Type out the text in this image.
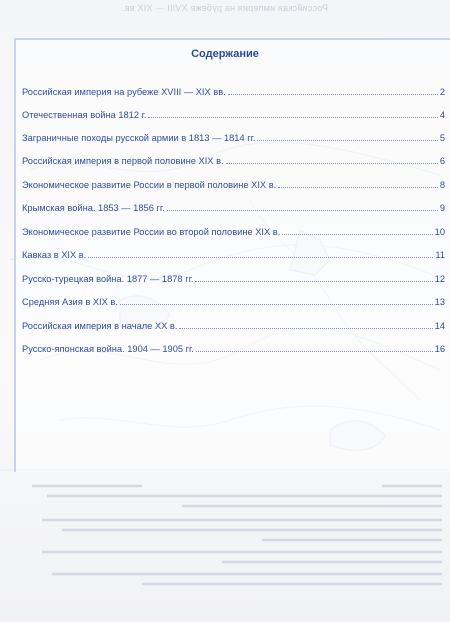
Российская империя на рубеже XVIII — XIX вв.
Содержание
Российская империя на рубеже XVIII — XIX вв.	2
Отечественная война 1812 г.	4
Заграничные походы русской армии в 1813 — 1814 гг.	5
Российская империя в первой половине XIX в.	6
Экономическое развитие России в первой половине XIX в.	8
Крымская война. 1853 — 1856 гг.	9
Экономическое развитие России во второй половине XIX в.	10
Кавказ в XIX в.	11
Русско-турецкая война. 1877 — 1878 гг.	12
Средняя Азия в XIX в.	13
Российская империя в начале XX в.	14
Русско-японская война. 1904 — 1905 гг.	16
